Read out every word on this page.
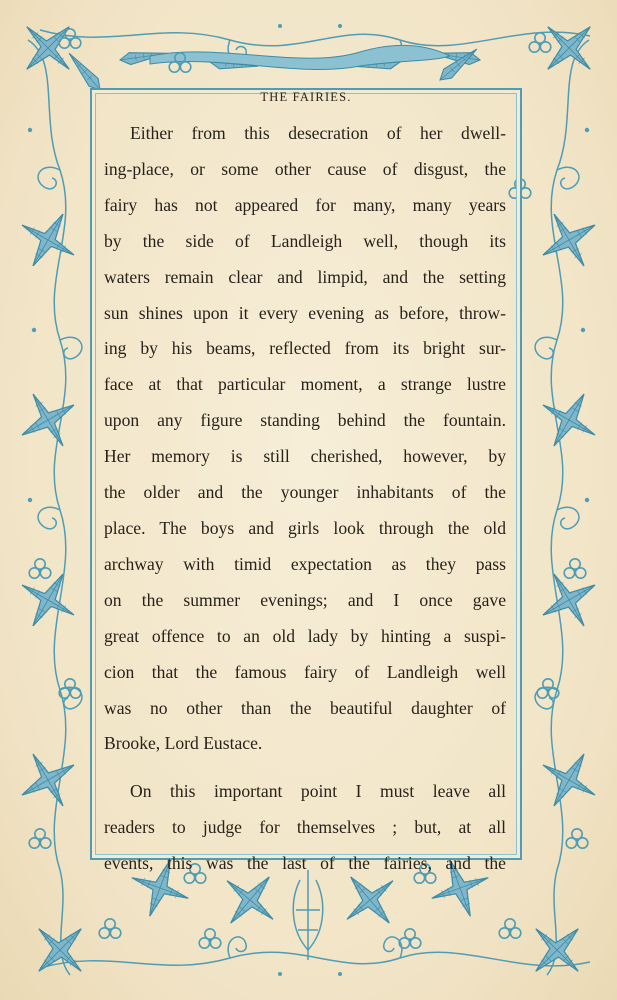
THE FAIRIES.
Either from this desecration of her dwell-
ing-place, or some other cause of disgust, the
fairy has not appeared for many, many years
by the side of Landleigh well, though its
waters remain clear and limpid, and the setting
sun shines upon it every evening as before, throw-
ing by his beams, reflected from its bright sur-
face at that particular moment, a strange lustre
upon any figure standing behind the fountain.
Her memory is still cherished, however, by
the older and the younger inhabitants of the
place. The boys and girls look through the old
archway with timid expectation as they pass
on the summer evenings; and I once gave
great offence to an old lady by hinting a suspi-
cion that the famous fairy of Landleigh well
was no other than the beautiful daughter of
Brooke, Lord Eustace.
On this important point I must leave all
readers to judge for themselves ; but, at all
events, this was the last of the fairies, and the
